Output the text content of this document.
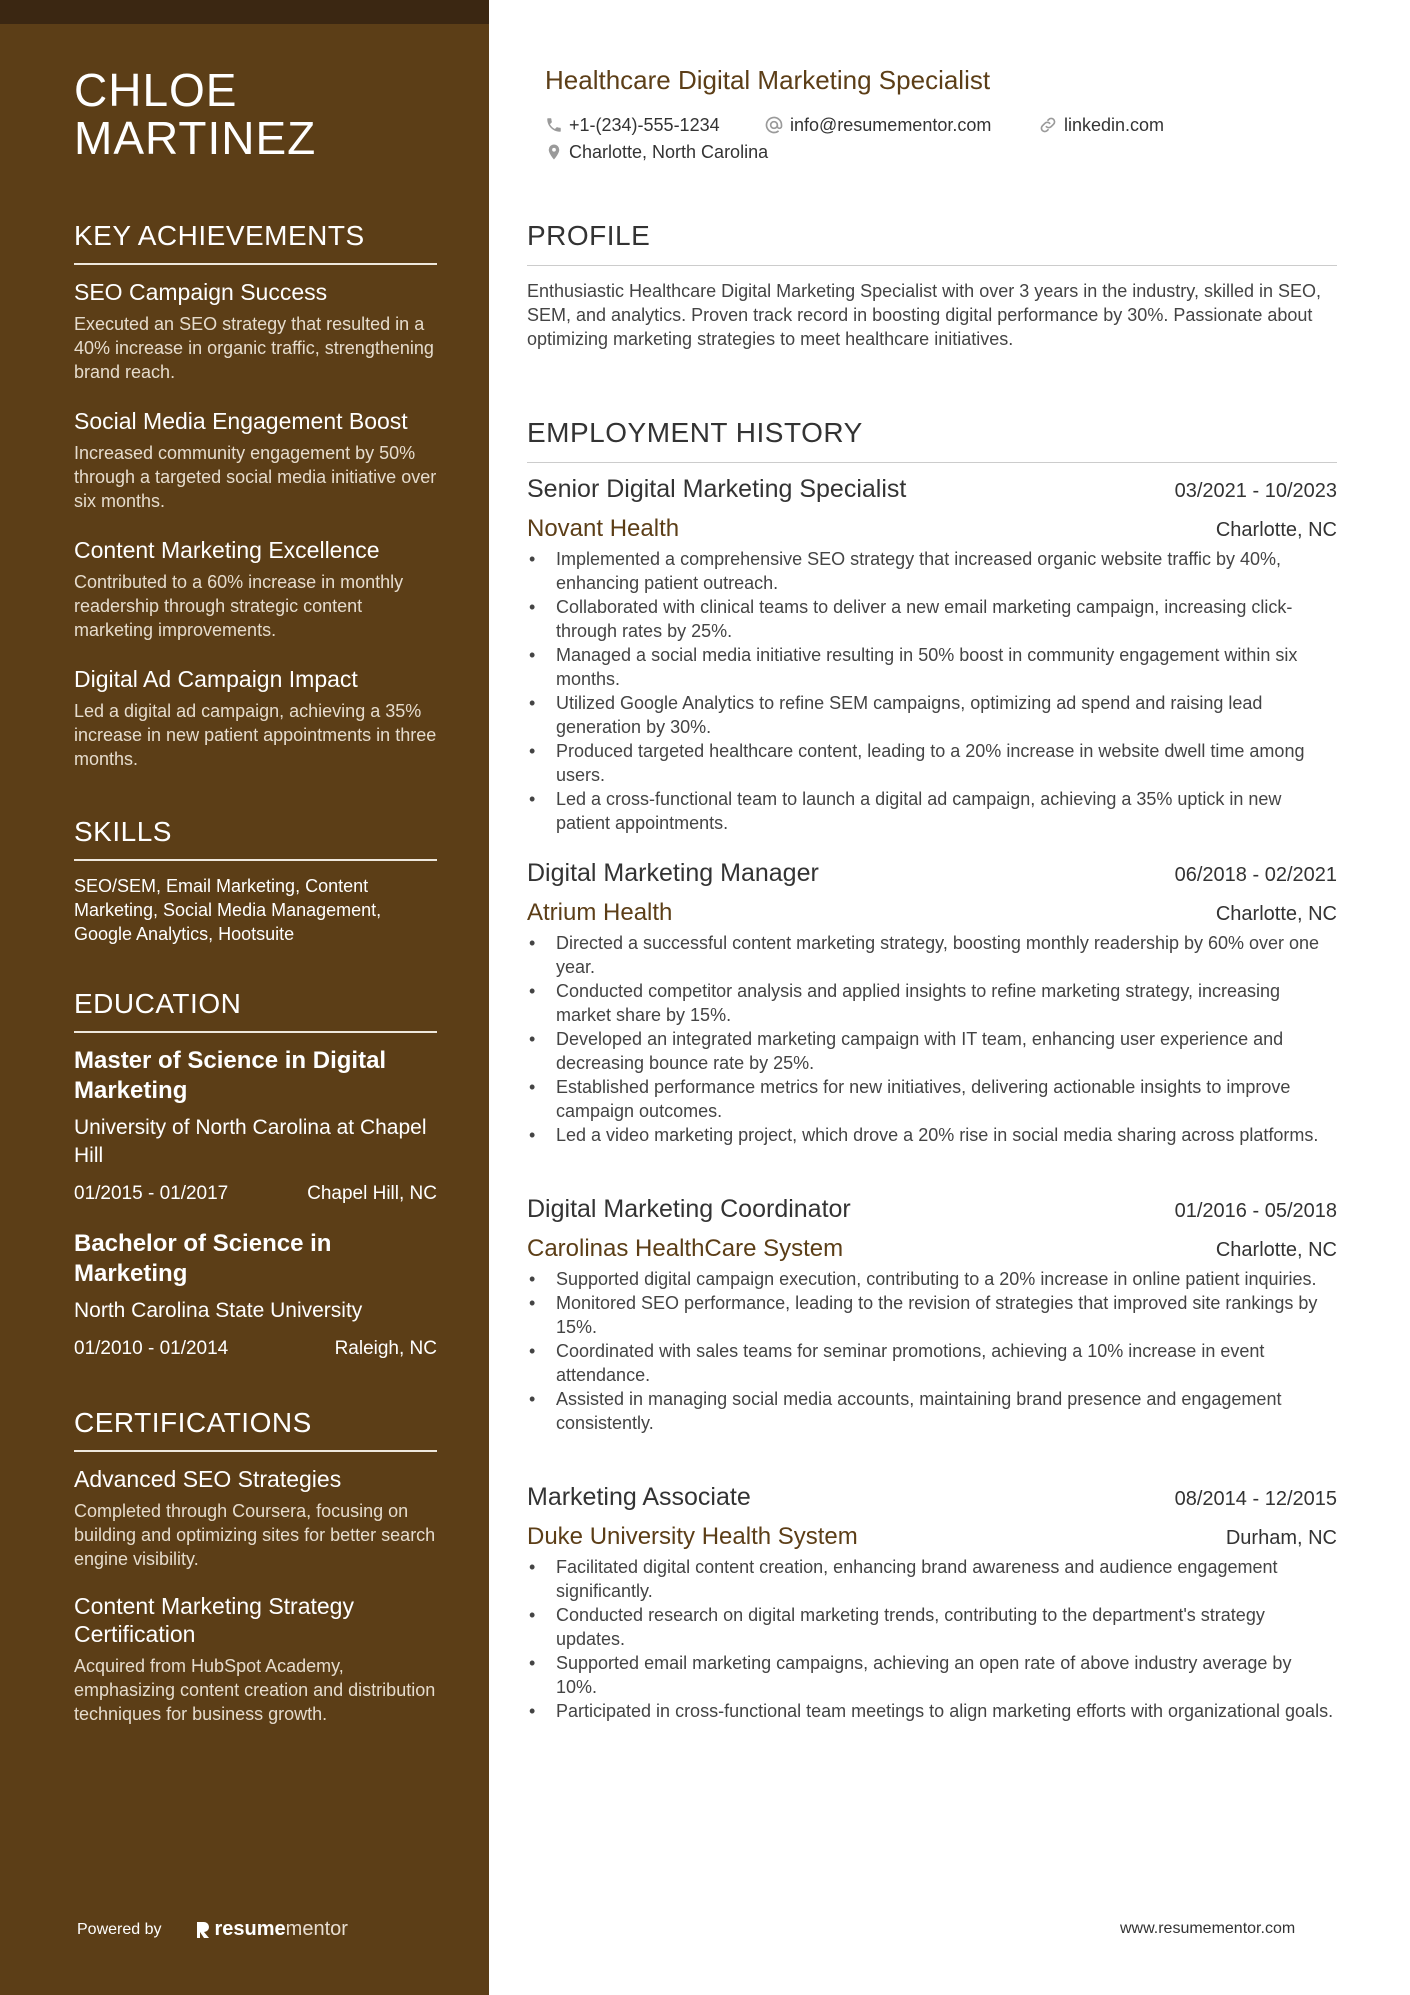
CHLOE
MARTINEZ
KEY ACHIEVEMENTS
SEO Campaign Success
Executed an SEO strategy that resulted in a 40% increase in organic traffic, strengthening brand reach.
Social Media Engagement Boost
Increased community engagement by 50% through a targeted social media initiative over six months.
Content Marketing Excellence
Contributed to a 60% increase in monthly readership through strategic content marketing improvements.
Digital Ad Campaign Impact
Led a digital ad campaign, achieving a 35% increase in new patient appointments in three months.
SKILLS
SEO/SEM, Email Marketing, Content Marketing, Social Media Management, Google Analytics, Hootsuite
EDUCATION
Master of Science in Digital Marketing
University of North Carolina at Chapel Hill
01/2015 - 01/2017	Chapel Hill, NC
Bachelor of Science in Marketing
North Carolina State University
01/2010 - 01/2014	Raleigh, NC
CERTIFICATIONS
Advanced SEO Strategies
Completed through Coursera, focusing on building and optimizing sites for better search engine visibility.
Content Marketing Strategy Certification
Acquired from HubSpot Academy, emphasizing content creation and distribution techniques for business growth.
Powered by	resume mentor
Healthcare Digital Marketing Specialist
+1-(234)-555-1234	info@resumementor.com	linkedin.com
Charlotte, North Carolina
PROFILE
Enthusiastic Healthcare Digital Marketing Specialist with over 3 years in the industry, skilled in SEO, SEM, and analytics. Proven track record in boosting digital performance by 30%. Passionate about optimizing marketing strategies to meet healthcare initiatives.
EMPLOYMENT HISTORY
Senior Digital Marketing Specialist	03/2021 - 10/2023
Novant Health	Charlotte, NC
• Implemented a comprehensive SEO strategy that increased organic website traffic by 40%, enhancing patient outreach.
• Collaborated with clinical teams to deliver a new email marketing campaign, increasing click-through rates by 25%.
• Managed a social media initiative resulting in 50% boost in community engagement within six months.
• Utilized Google Analytics to refine SEM campaigns, optimizing ad spend and raising lead generation by 30%.
• Produced targeted healthcare content, leading to a 20% increase in website dwell time among users.
• Led a cross-functional team to launch a digital ad campaign, achieving a 35% uptick in new patient appointments.
Digital Marketing Manager	06/2018 - 02/2021
Atrium Health	Charlotte, NC
• Directed a successful content marketing strategy, boosting monthly readership by 60% over one year.
• Conducted competitor analysis and applied insights to refine marketing strategy, increasing market share by 15%.
• Developed an integrated marketing campaign with IT team, enhancing user experience and decreasing bounce rate by 25%.
• Established performance metrics for new initiatives, delivering actionable insights to improve campaign outcomes.
• Led a video marketing project, which drove a 20% rise in social media sharing across platforms.
Digital Marketing Coordinator	01/2016 - 05/2018
Carolinas HealthCare System	Charlotte, NC
• Supported digital campaign execution, contributing to a 20% increase in online patient inquiries.
• Monitored SEO performance, leading to the revision of strategies that improved site rankings by 15%.
• Coordinated with sales teams for seminar promotions, achieving a 10% increase in event attendance.
• Assisted in managing social media accounts, maintaining brand presence and engagement consistently.
Marketing Associate	08/2014 - 12/2015
Duke University Health System	Durham, NC
• Facilitated digital content creation, enhancing brand awareness and audience engagement significantly.
• Conducted research on digital marketing trends, contributing to the department's strategy updates.
• Supported email marketing campaigns, achieving an open rate of above industry average by 10%.
• Participated in cross-functional team meetings to align marketing efforts with organizational goals.
www.resumementor.com
